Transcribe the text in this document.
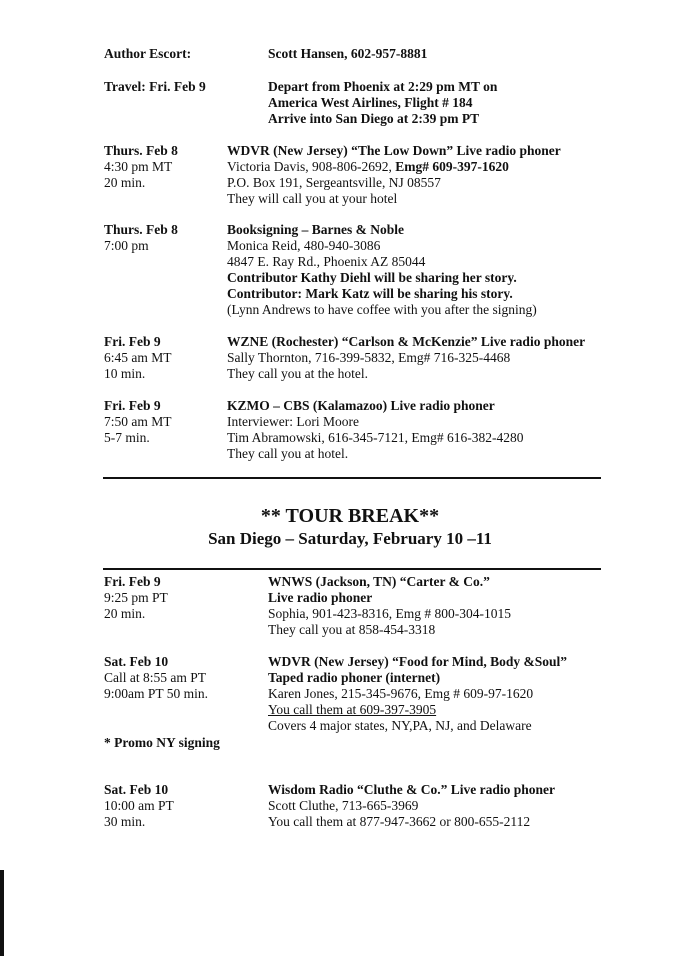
Author Escort:	Scott Hansen, 602-957-8881
Travel: Fri. Feb 9	Depart from Phoenix at 2:29 pm MT on
America West Airlines, Flight # 184
Arrive into San Diego at 2:39 pm PT
Thurs. Feb 8
4:30 pm MT
20 min.
WDVR (New Jersey) “The Low Down” Live radio phoner
Victoria Davis, 908-806-2692, Emg# 609-397-1620
P.O. Box 191, Sergeantsville, NJ 08557
They will call you at your hotel
Thurs. Feb 8
7:00 pm
Booksigning – Barnes & Noble
Monica Reid, 480-940-3086
4847 E. Ray Rd., Phoenix AZ 85044
Contributor Kathy Diehl will be sharing her story.
Contributor: Mark Katz will be sharing his story.
(Lynn Andrews to have coffee with you after the signing)
Fri. Feb 9
6:45 am MT
10 min.
WZNE (Rochester) “Carlson & McKenzie” Live radio phoner
Sally Thornton, 716-399-5832, Emg# 716-325-4468
They call you at the hotel.
Fri. Feb 9
7:50 am MT
5-7 min.
KZMO – CBS (Kalamazoo) Live radio phoner
Interviewer: Lori Moore
Tim Abramowski, 616-345-7121, Emg# 616-382-4280
They call you at hotel.
** TOUR BREAK**
San Diego – Saturday, February 10 –11
Fri. Feb 9
9:25 pm PT
20 min.
WNWS (Jackson, TN) “Carter & Co.”
Live radio phoner
Sophia, 901-423-8316, Emg # 800-304-1015
They call you at 858-454-3318
Sat. Feb 10
Call at 8:55 am PT
9:00am PT 50 min.
WDVR (New Jersey) “Food for Mind, Body &Soul”
Taped radio phoner (internet)
Karen Jones, 215-345-9676, Emg # 609-97-1620
You call them at 609-397-3905
Covers 4 major states, NY,PA, NJ, and Delaware
* Promo NY signing
Sat. Feb 10
10:00 am PT
30 min.
Wisdom Radio “Cluthe & Co.” Live radio phoner
Scott Cluthe, 713-665-3969
You call them at 877-947-3662 or 800-655-2112
